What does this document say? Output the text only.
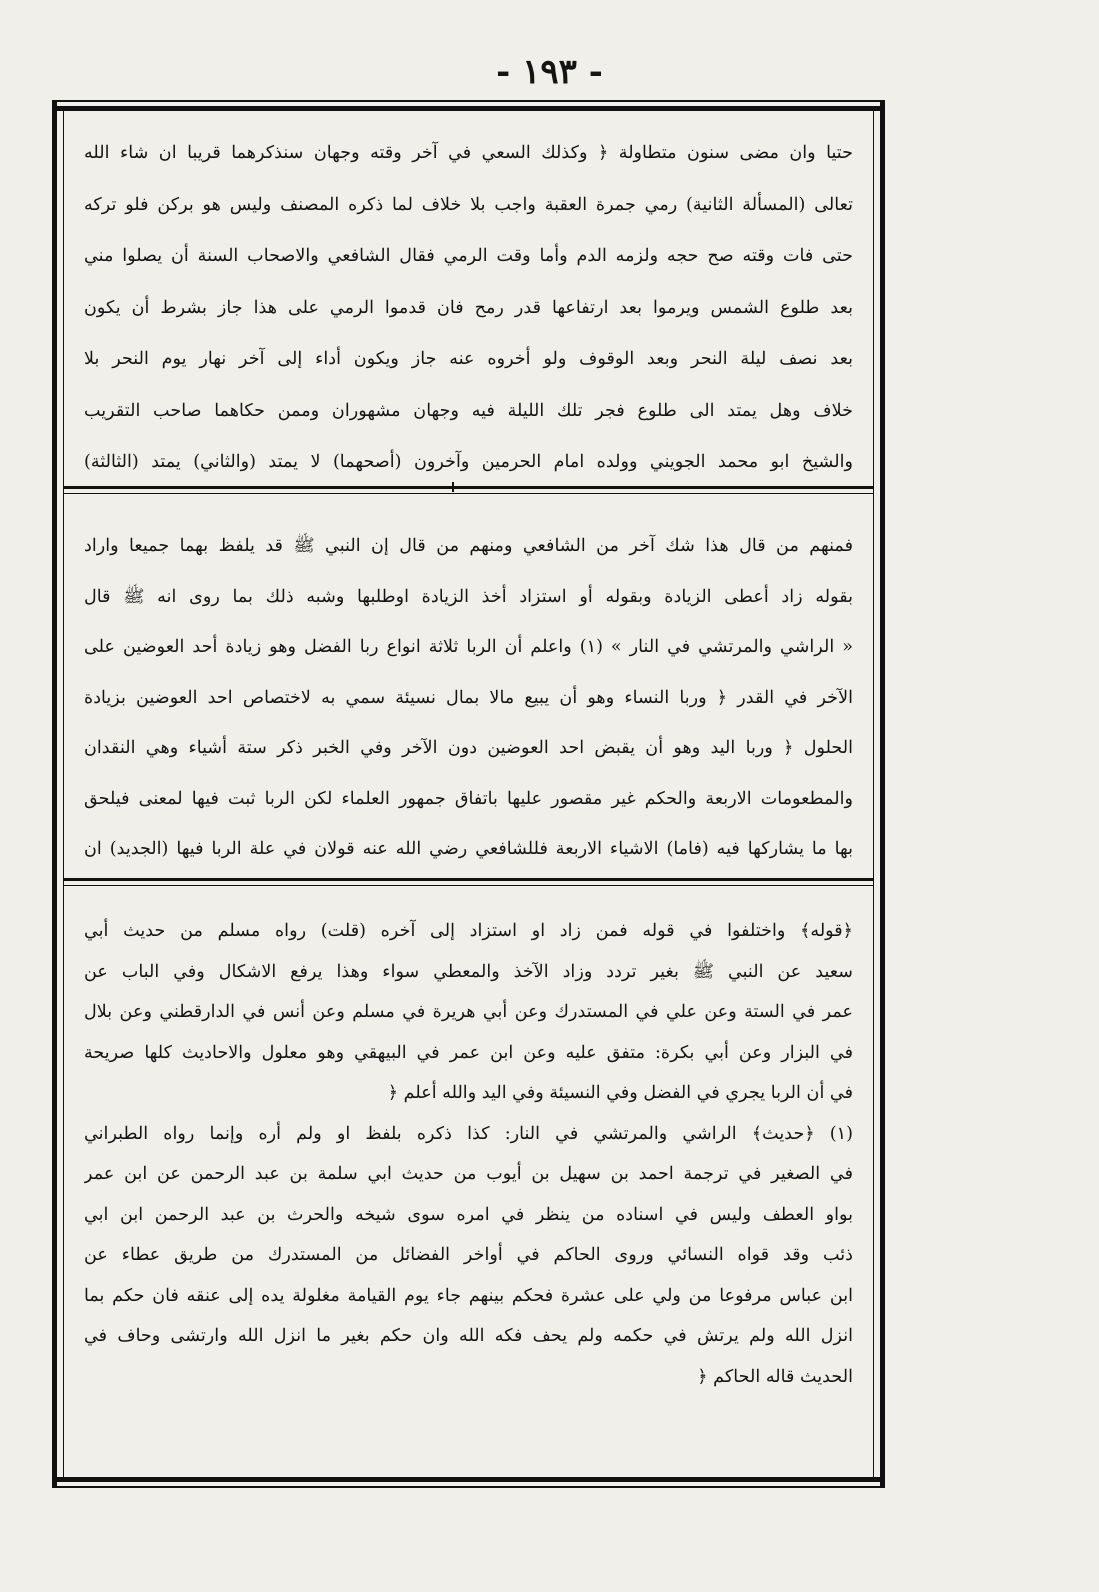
- ١٩٣ -
حتيا وان مضى سنون متطاولة ﴿ وكذلك السعي في آخر وقته وجهان سنذكرهما قريبا ان شاء الله
تعالى (المسألة الثانية) رمي جمرة العقبة واجب بلا خلاف لما ذكره المصنف وليس هو بركن فلو تركه
حتى فات وقته صح حجه ولزمه الدم وأما وقت الرمي فقال الشافعي والاصحاب السنة أن يصلوا مني
بعد طلوع الشمس ويرموا بعد ارتفاعها قدر رمح فان قدموا الرمي على هذا جاز بشرط أن يكون
بعد نصف ليلة النحر وبعد الوقوف ولو أخروه عنه جاز ويكون أداء إلى آخر نهار يوم النحر بلا
خلاف وهل يمتد الى طلوع فجر تلك الليلة فيه وجهان مشهوران وممن حكاهما صاحب التقريب
والشيخ ابو محمد الجويني وولده امام الحرمين وآخرون (أصحهما) لا يمتد (والثاني) يمتد (الثالثة)
فمنهم من قال هذا شك آخر من الشافعي ومنهم من قال إن النبي ﷺ قد يلفظ بهما جميعا واراد
بقوله زاد أعطى الزيادة وبقوله أو استزاد أخذ الزيادة اوطلبها وشبه ذلك بما روى انه ﷺ قال
« الراشي والمرتشي في النار » (١) واعلم أن الربا ثلاثة انواع ربا الفضل وهو زيادة أحد العوضين على
الآخر في القدر ﴿ وربا النساء وهو أن يبيع مالا بمال نسيئة سمي به لاختصاص احد العوضين بزيادة
الحلول ﴿ وربا اليد وهو أن يقبض احد العوضين دون الآخر وفي الخبر ذكر ستة أشياء وهي النقدان
والمطعومات الاربعة والحكم غير مقصور عليها باتفاق جمهور العلماء لكن الربا ثبت فيها لمعنى فيلحق
بها ما يشاركها فيه (فاما) الاشياء الاربعة فللشافعي رضي الله عنه قولان في علة الربا فيها (الجديد) ان
﴿قوله﴾ واختلفوا في قوله فمن زاد او استزاد إلى آخره (قلت) رواه مسلم من حديث أبي
سعيد عن النبي ﷺ بغير تردد وزاد الآخذ والمعطي سواء وهذا يرفع الاشكال وفي الباب عن
عمر في الستة وعن علي في المستدرك وعن أبي هريرة في مسلم وعن أنس في الدارقطني وعن بلال
في البزار وعن أبي بكرة: متفق عليه وعن ابن عمر في البيهقي وهو معلول والاحاديث كلها صريحة
في أن الربا يجري في الفضل وفي النسيئة وفي اليد والله أعلم ﴿
(١) ﴿حديث﴾ الراشي والمرتشي في النار: كذا ذكره بلفظ او ولم أره وإنما رواه الطبراني
في الصغير في ترجمة احمد بن سهيل بن أيوب من حديث ابي سلمة بن عبد الرحمن عن ابن عمر
بواو العطف وليس في اسناده من ينظر في امره سوى شيخه والحرث بن عبد الرحمن ابن ابي
ذئب وقد قواه النسائي وروى الحاكم في أواخر الفضائل من المستدرك من طريق عطاء عن
ابن عباس مرفوعا من ولي على عشرة فحكم بينهم جاء يوم القيامة مغلولة يده إلى عنقه فان حكم بما
انزل الله ولم يرتش في حكمه ولم يحف فكه الله وان حكم بغير ما انزل الله وارتشى وحاف في
الحديث قاله الحاكم ﴿
